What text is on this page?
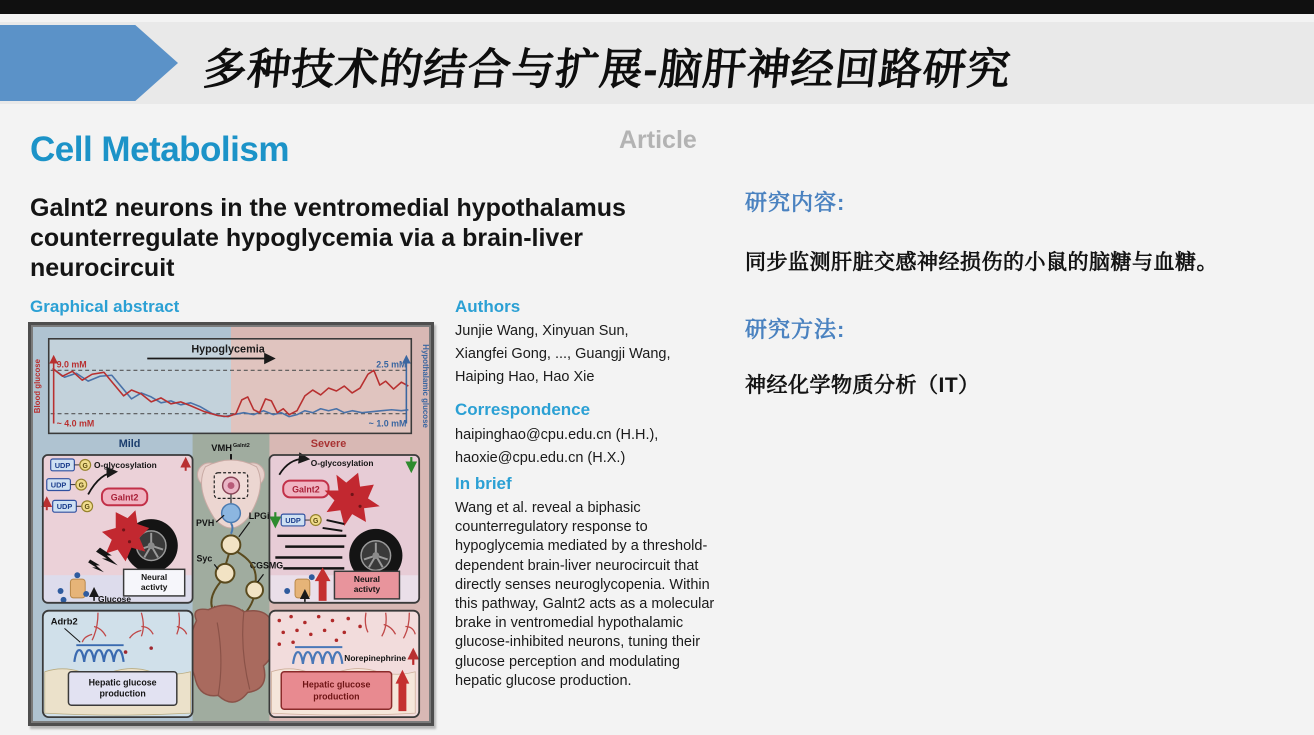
多种技术的结合与扩展-脑肝神经回路研究
Cell Metabolism	Article
Galnt2 neurons in the ventromedial hypothalamus
counterregulate hypoglycemia via a brain-liver
neurocircuit
Graphical abstract
Hypoglycemia
9.0 mM	2.5 mM
~ 4.0 mM	~ 1.0 mM
Blood glucose	Hypothalamic glucose
Mild	Severe
UDP G O-glycosylation
UDP G
UDP G
Galnt2
Neural
activty
Glucose
O-glycosylation
Galnt2
UDP G
Neural
activty
VMH Galnt2
PVH
LPGi
Syc
CGSMG
Adrb2
Hepatic glucose
production
Norepinephrine
Hepatic glucose
production
Authors
Junjie Wang, Xinyuan Sun,
Xiangfei Gong, ..., Guangji Wang,
Haiping Hao, Hao Xie
Correspondence
haipinghao@cpu.edu.cn (H.H.),
haoxie@cpu.edu.cn (H.X.)
In brief
Wang et al. reveal a biphasic counterregulatory response to hypoglycemia mediated by a threshold-dependent brain-liver neurocircuit that directly senses neuroglycopenia. Within this pathway, Galnt2 acts as a molecular brake in ventromedial hypothalamic glucose-inhibited neurons, tuning their glucose perception and modulating hepatic glucose production.
研究内容:
同步监测肝脏交感神经损伤的小鼠的脑糖与血糖。
研究方法:
神经化学物质分析（IT）
